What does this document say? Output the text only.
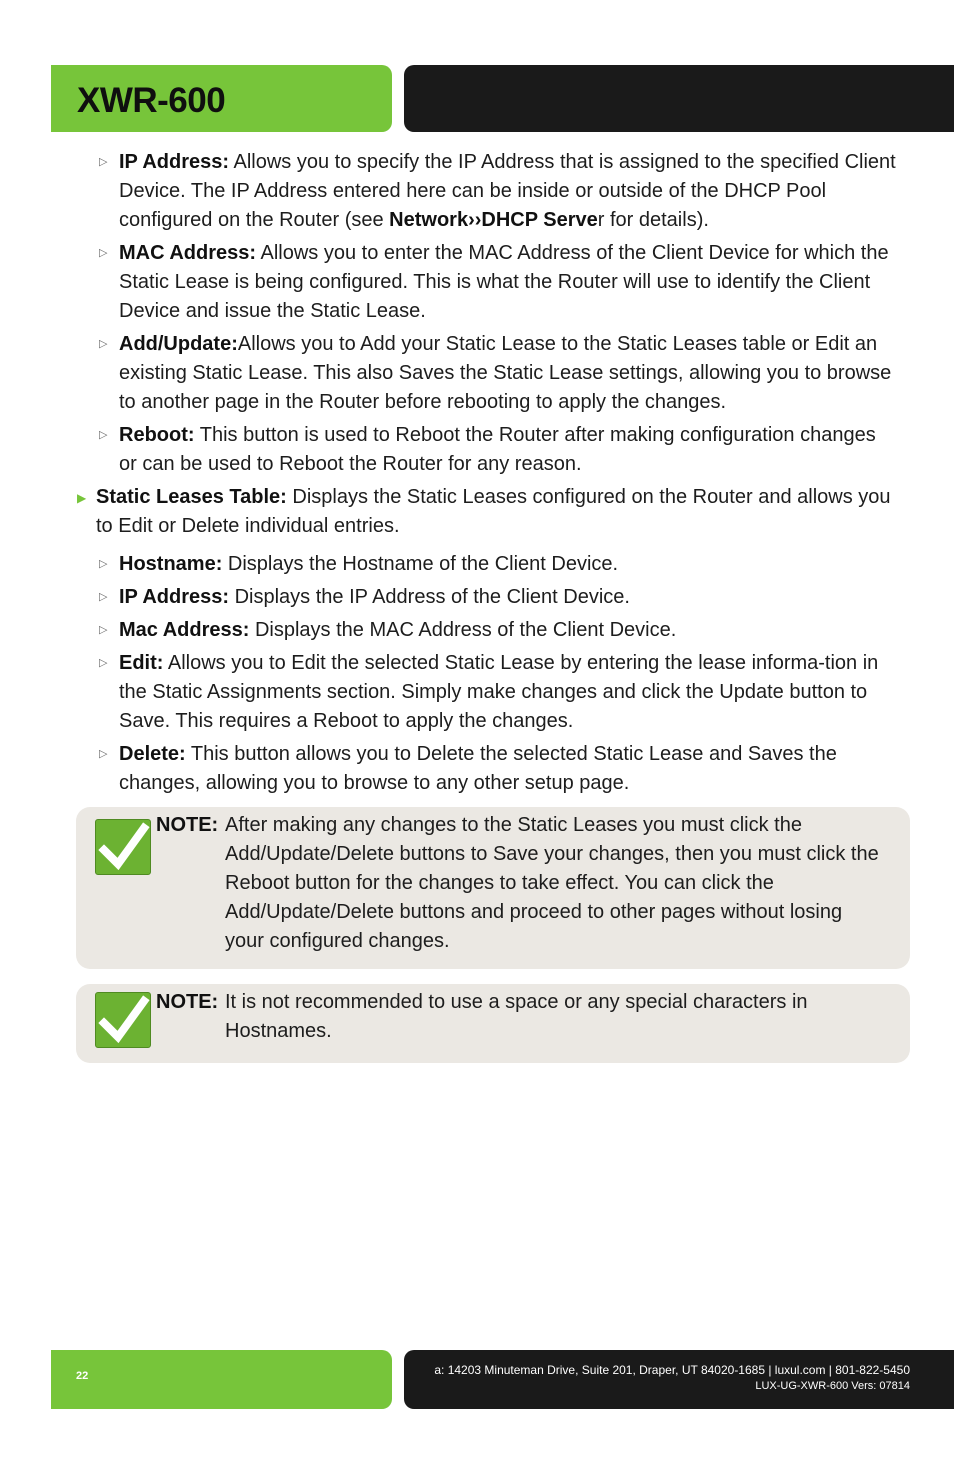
XWR-600
▷ IP Address: Allows you to specify the IP Address that is assigned to the specified Client Device. The IP Address entered here can be inside or outside of the DHCP Pool configured on the Router (see Network››DHCP Server for details).
▷ MAC Address: Allows you to enter the MAC Address of the Client Device for which the Static Lease is being configured. This is what the Router will use to identify the Client Device and issue the Static Lease.
▷ Add/Update:Allows you to Add your Static Lease to the Static Leases table or Edit an existing Static Lease. This also Saves the Static Lease settings, allowing you to browse to another page in the Router before rebooting to apply the changes.
▷ Reboot: This button is used to Reboot the Router after making configuration changes or can be used to Reboot the Router for any reason.
▶ Static Leases Table: Displays the Static Leases configured on the Router and allows you to Edit or Delete individual entries.
▷ Hostname: Displays the Hostname of the Client Device.
▷ IP Address: Displays the IP Address of the Client Device.
▷ Mac Address: Displays the MAC Address of the Client Device.
▷ Edit: Allows you to Edit the selected Static Lease by entering the lease informa-tion in the Static Assignments section. Simply make changes and click the Update button to Save. This requires a Reboot to apply the changes.
▷ Delete: This button allows you to Delete the selected Static Lease and Saves the changes, allowing you to browse to any other setup page.
NOTE: After making any changes to the Static Leases you must click the Add/Update/Delete buttons to Save your changes, then you must click the Reboot button for the changes to take effect. You can click the Add/Update/Delete buttons and proceed to other pages without losing your configured changes.
NOTE: It is not recommended to use a space or any special characters in Hostnames.
22	a: 14203 Minuteman Drive, Suite 201, Draper, UT 84020-1685 | luxul.com | 801-822-5450
LUX-UG-XWR-600 Vers: 07814
